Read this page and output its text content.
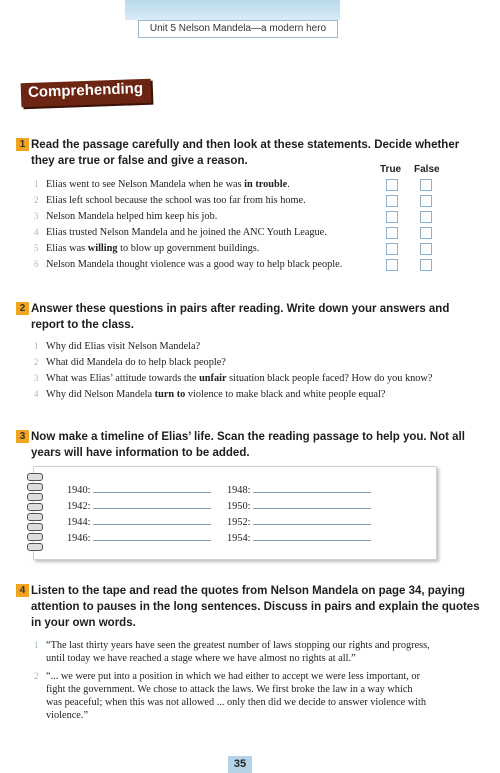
Unit 5 Nelson Mandela—a modern hero
Comprehending
1 Read the passage carefully and then look at these statements. Decide whether
they are true or false and give a reason.
True False
1 Elias went to see Nelson Mandela when he was in trouble.
2 Elias left school because the school was too far from his home.
3 Nelson Mandela helped him keep his job.
4 Elias trusted Nelson Mandela and he joined the ANC Youth League.
5 Elias was willing to blow up government buildings.
6 Nelson Mandela thought violence was a good way to help black people.
2 Answer these questions in pairs after reading. Write down your answers and
report to the class.
1 Why did Elias visit Nelson Mandela?
2 What did Mandela do to help black people?
3 What was Elias’ attitude towards the unfair situation black people faced? How do you know?
4 Why did Nelson Mandela turn to violence to make black and white people equal?
3 Now make a timeline of Elias’ life. Scan the reading passage to help you. Not all
years will have information to be added.
1940:
1942:
1944:
1946:
1948:
1950:
1952:
1954:
4 Listen to the tape and read the quotes from Nelson Mandela on page 34, paying
attention to pauses in the long sentences. Discuss in pairs and explain the quotes
in your own words.
1 “The last thirty years have seen the greatest number of laws stopping our rights and progress,
until today we have reached a stage where we have almost no rights at all.”
2 “... we were put into a position in which we had either to accept we were less important, or
fight the government. We chose to attack the laws. We first broke the law in a way which
was peaceful; when this was not allowed ... only then did we decide to answer violence with
violence.”
35
